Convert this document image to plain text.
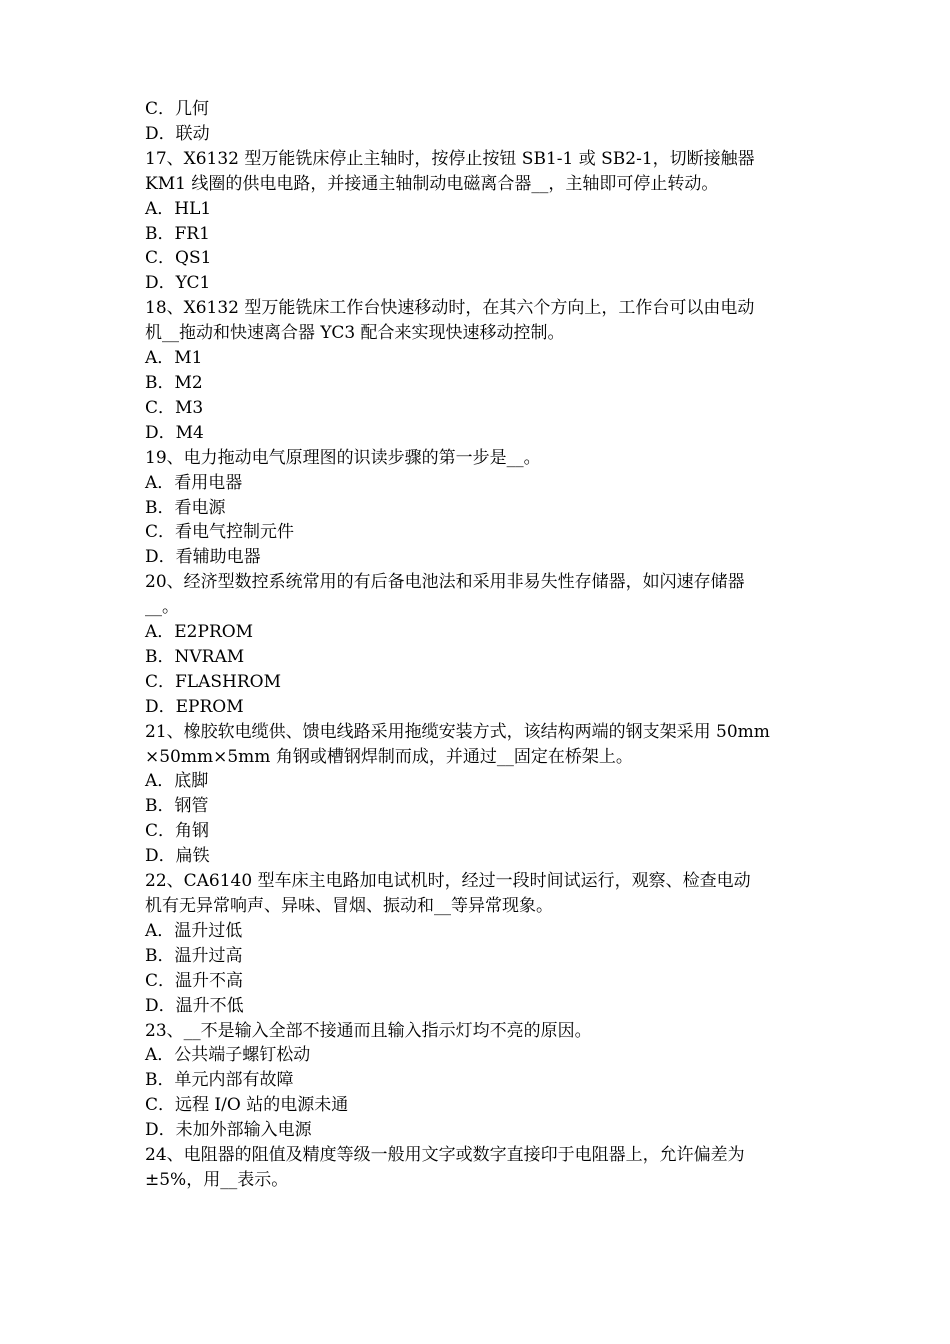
C．几何
D．联动
17、X6132 型万能铣床停止主轴时，按停止按钮 SB1-1 或 SB2-1，切断接触器
KM1 线圈的供电电路，并接通主轴制动电磁离合器__，主轴即可停止转动。
A．HL1
B．FR1
C．QS1
D．YC1
18、X6132 型万能铣床工作台快速移动时，在其六个方向上，工作台可以由电动
机__拖动和快速离合器 YC3 配合来实现快速移动控制。
A．M1
B．M2
C．M3
D．M4
19、电力拖动电气原理图的识读步骤的第一步是__。
A．看用电器
B．看电源
C．看电气控制元件
D．看辅助电器
20、经济型数控系统常用的有后备电池法和采用非易失性存储器，如闪速存储器
__。
A．E2PROM
B．NVRAM
C．FLASHROM
D．EPROM
21、橡胶软电缆供、馈电线路采用拖缆安装方式，该结构两端的钢支架采用 50mm
×50mm×5mm 角钢或槽钢焊制而成，并通过__固定在桥架上。
A．底脚
B．钢管
C．角钢
D．扁铁
22、CA6140 型车床主电路加电试机时，经过一段时间试运行，观察、检查电动
机有无异常响声、异味、冒烟、振动和__等异常现象。
A．温升过低
B．温升过高
C．温升不高
D．温升不低
23、__不是输入全部不接通而且输入指示灯均不亮的原因。
A．公共端子螺钉松动
B．单元内部有故障
C．远程 I/O 站的电源未通
D．未加外部输入电源
24、电阻器的阻值及精度等级一般用文字或数字直接印于电阻器上，允许偏差为
±5%，用__表示。
